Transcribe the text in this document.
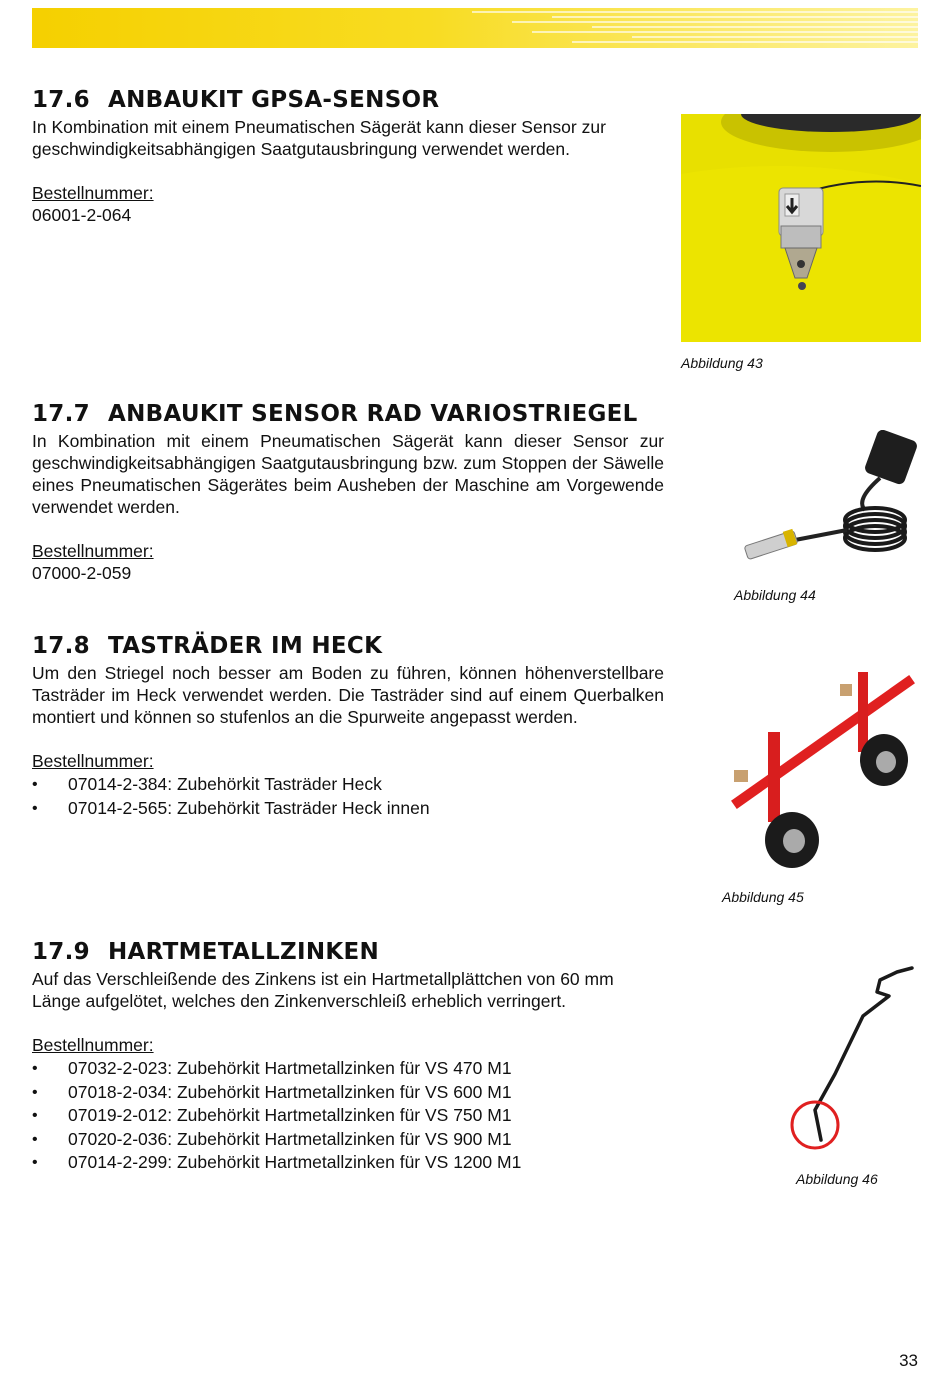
17.6 ANBAUKIT GPSA-SENSOR

In Kombination mit einem Pneumatischen Sägerät kann dieser Sensor zur geschwindigkeitsabhängigen Saatgutausbringung verwendet werden.

Bestellnummer:
06001-2-064
Abbildung 43
17.7 ANBAUKIT SENSOR RAD VARIOSTRIEGEL

In Kombination mit einem Pneumatischen Sägerät kann dieser Sensor zur geschwindigkeitsabhängigen Saatgutausbringung bzw. zum Stoppen der Säwelle eines Pneumatischen Sägerätes beim Ausheben der Maschine am Vorgewende verwendet werden.

Bestellnummer:
07000-2-059
Abbildung 44
17.8 TASTRÄDER IM HECK

Um den Striegel noch besser am Boden zu führen, können höhenverstellbare Tasträder im Heck verwendet werden. Die Tasträder sind auf einem Querbalken montiert und können so stufenlos an die Spurweite angepasst werden.

Bestellnummer:
• 07014-2-384: Zubehörkit Tasträder Heck
• 07014-2-565: Zubehörkit Tasträder Heck innen
Abbildung 45
17.9 HARTMETALLZINKEN

Auf das Verschleißende des Zinkens ist ein Hartmetallplättchen von 60 mm Länge aufgelötet, welches den Zinkenverschleiß erheblich verringert.

Bestellnummer:
• 07032-2-023: Zubehörkit Hartmetallzinken für VS 470 M1
• 07018-2-034: Zubehörkit Hartmetallzinken für VS 600 M1
• 07019-2-012: Zubehörkit Hartmetallzinken für VS 750 M1
• 07020-2-036: Zubehörkit Hartmetallzinken für VS 900 M1
• 07014-2-299: Zubehörkit Hartmetallzinken für VS 1200 M1
Abbildung 46
33
